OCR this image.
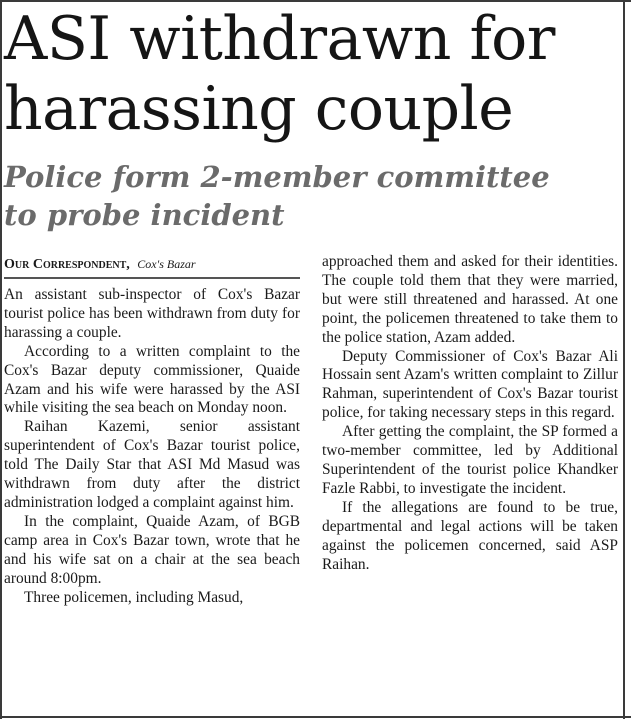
ASI withdrawn for
harassing couple
Police form 2-member committee
to probe incident
Our Correspondent, Cox's Bazar

An assistant sub-inspector of Cox's Bazar tourist police has been withdrawn from duty for harassing a couple.

According to a written complaint to the Cox's Bazar deputy commissioner, Quaide Azam and his wife were harassed by the ASI while visiting the sea beach on Monday noon.

Raihan Kazemi, senior assistant superintendent of Cox's Bazar tourist police, told The Daily Star that ASI Md Masud was withdrawn from duty after the district administration lodged a complaint against him.

In the complaint, Quaide Azam, of BGB camp area in Cox's Bazar town, wrote that he and his wife sat on a chair at the sea beach around 8:00pm.

Three policemen, including Masud,

approached them and asked for their identities. The couple told them that they were married, but were still threatened and harassed. At one point, the policemen threatened to take them to the police station, Azam added.

Deputy Commissioner of Cox's Bazar Ali Hossain sent Azam's written complaint to Zillur Rahman, superintendent of Cox's Bazar tourist police, for taking necessary steps in this regard.

After getting the complaint, the SP formed a two-member committee, led by Additional Superintendent of the tourist police Khandker Fazle Rabbi, to investigate the incident.

If the allegations are found to be true, departmental and legal actions will be taken against the policemen concerned, said ASP Raihan.
